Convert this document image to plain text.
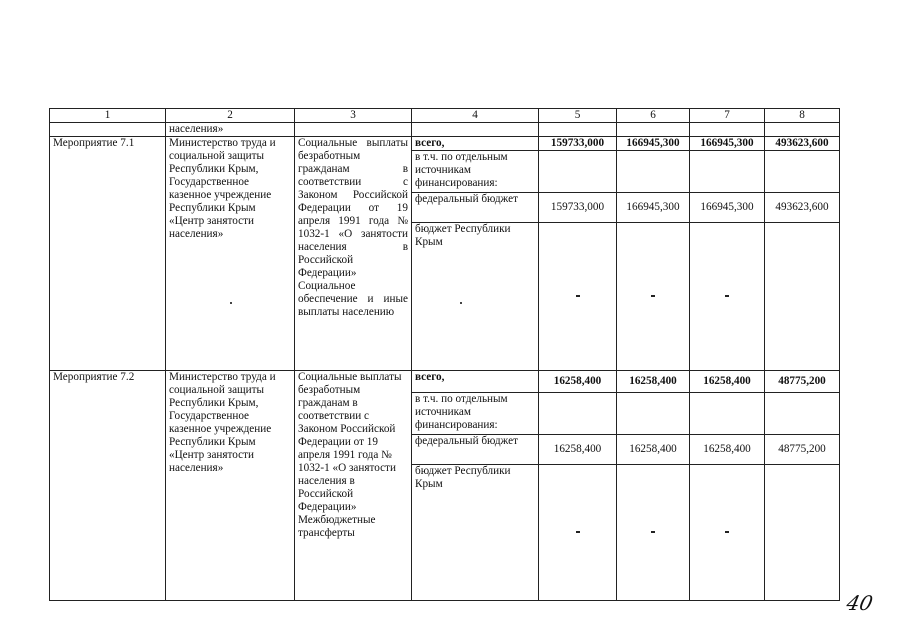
1	2	3	4	5	6	7	8
	населения»						
Мероприятие 7.1	Министерство труда и социальной защиты Республики Крым, Государственное казенное учреждение Республики Крым «Центр занятости населения»	Социальные выплаты безработным гражданам в соответствии с Законом Российской Федерации от 19 апреля 1991 года № 1032-1 «О занятости населения в Российской Федерации» Социальное обеспечение и иные выплаты населению	всего,	159733,000	166945,300	166945,300	493623,600
			в т.ч. по отдельным источникам финансирования:				
			федеральный бюджет	159733,000	166945,300	166945,300	493623,600
			бюджет Республики Крым				
Мероприятие 7.2	Министерство труда и социальной защиты Республики Крым, Государственное казенное учреждение Республики Крым «Центр занятости населения»	Социальные выплаты безработным гражданам в соответствии с Законом Российской Федерации от 19 апреля 1991 года № 1032-1 «О занятости населения в Российской Федерации» Межбюджетные трансферты	всего,	16258,400	16258,400	16258,400	48775,200
			в т.ч. по отдельным источникам финансирования:				
			федеральный бюджет	16258,400	16258,400	16258,400	48775,200
			бюджет Республики Крым				
40
